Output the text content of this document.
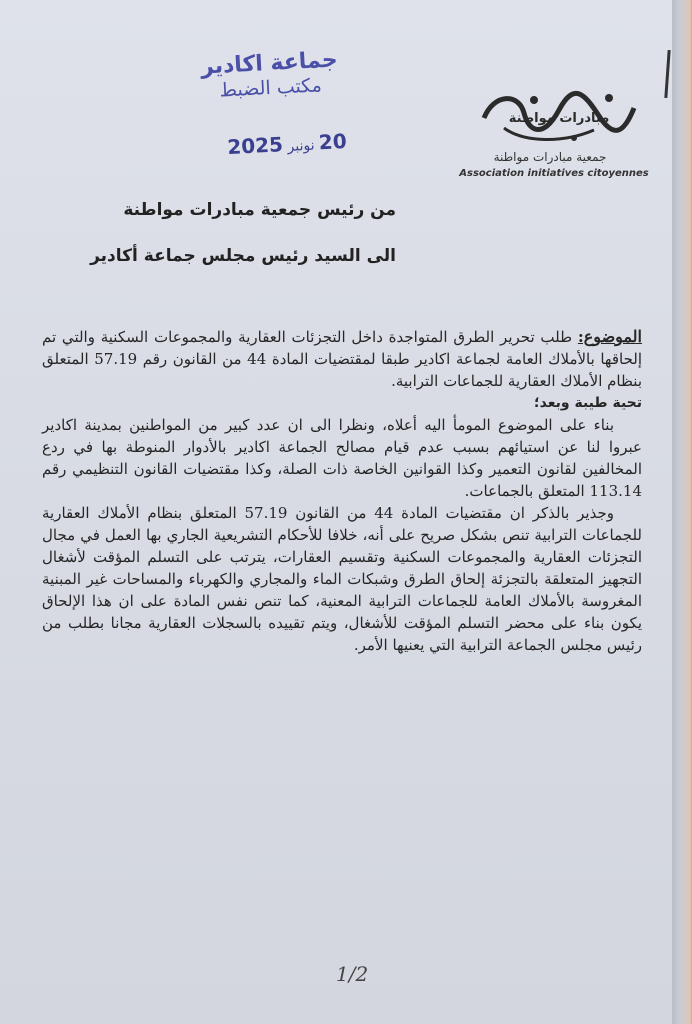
جماعة اكادير
مكتب الضبط
20 نونبر 2025
مبادرات مواطنة
جمعية مبادرات مواطنة
Association initiatives citoyennes
من رئيس جمعية مبادرات مواطنة
الى السيد رئيس مجلس جماعة أكادير

الموضوع: طلب تحرير الطرق المتواجدة داخل التجزئات العقارية والمجموعات السكنية والتي تم إلحاقها بالأملاك العامة لجماعة اكادير طبقا لمقتضيات المادة 44 من القانون رقم 57.19 المتعلق بنظام الأملاك العقارية للجماعات الترابية.

تحية طيبة وبعد؛

بناء على الموضوع المومأ اليه أعلاه، ونظرا الى ان عدد كبير من المواطنين بمدينة اكادير عبروا لنا عن استيائهم بسبب عدم قيام مصالح الجماعة اكادير بالأدوار المنوطة بها في ردع المخالفين لقانون التعمير وكذا القوانين الخاصة ذات الصلة، وكذا مقتضيات القانون التنظيمي رقم 113.14 المتعلق بالجماعات.

وجذير بالذكر ان مقتضيات المادة 44 من القانون 57.19 المتعلق بنظام الأملاك العقارية للجماعات الترابية تنص بشكل صريح على أنه، خلافا للأحكام التشريعية الجاري بها العمل في مجال التجزئات العقارية والمجموعات السكنية وتقسيم العقارات، يترتب على التسلم المؤقت لأشغال التجهيز المتعلقة بالتجزئة إلحاق الطرق وشبكات الماء والمجاري والكهرباء والمساحات غير المبنية المغروسة بالأملاك العامة للجماعات الترابية المعنية، كما تنص نفس المادة على ان هذا الإلحاق يكون بناء على محضر التسلم المؤقت للأشغال، ويتم تقييده بالسجلات العقارية مجانا بطلب من رئيس مجلس الجماعة الترابية التي يعنيها الأمر.

1/2
